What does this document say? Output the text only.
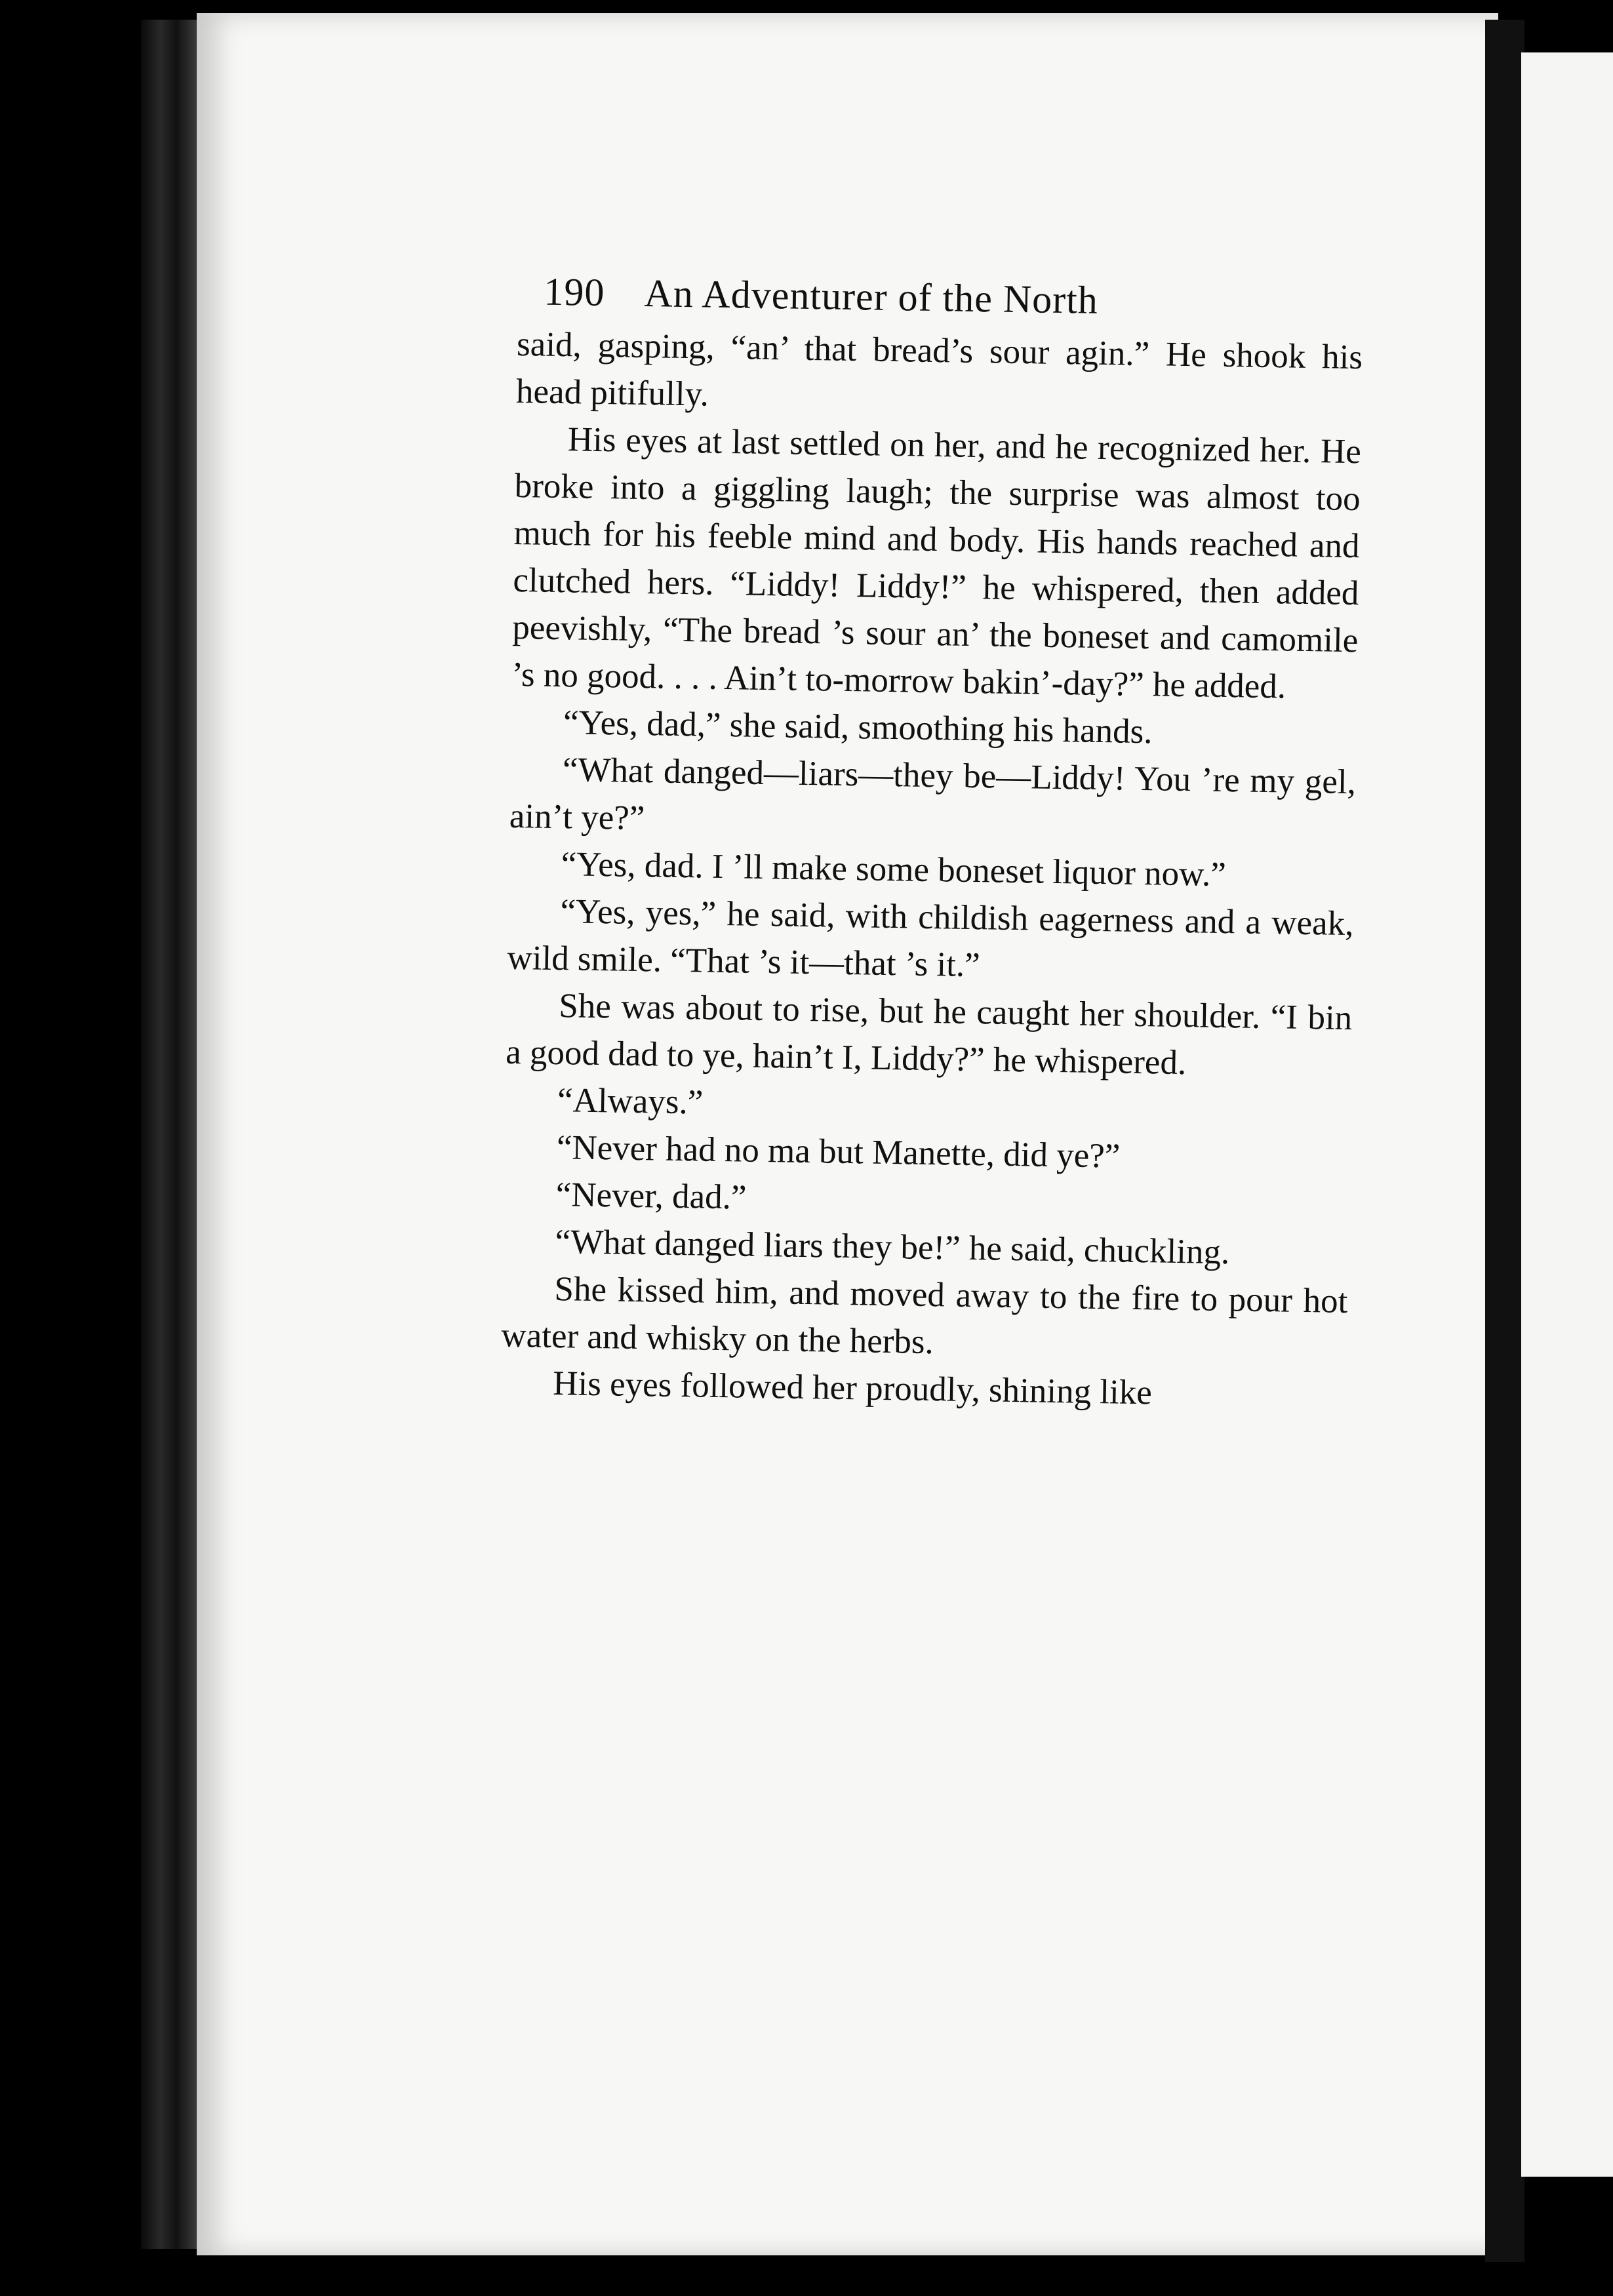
190 An Adventurer of the North

said, gasping, “an’ that bread’s sour agin.” He shook his head pitifully.

His eyes at last settled on her, and he recognized her. He broke into a giggling laugh; the surprise was almost too much for his feeble mind and body. His hands reached and clutched hers. “Liddy! Liddy!” he whispered, then added peevishly, “The bread ’s sour an’ the boneset and camomile ’s no good. . . . Ain’t to-morrow bakin’-day?” he added.

“Yes, dad,” she said, smoothing his hands.

“What danged—liars—they be—Liddy! You ’re my gel, ain’t ye?”

“Yes, dad. I ’ll make some boneset liquor now.”

“Yes, yes,” he said, with childish eagerness and a weak, wild smile. “That ’s it—that ’s it.”

She was about to rise, but he caught her shoulder. “I bin a good dad to ye, hain’t I, Liddy?” he whispered.

“Always.”

“Never had no ma but Manette, did ye?”

“Never, dad.”

“What danged liars they be!” he said, chuckling.

She kissed him, and moved away to the fire to pour hot water and whisky on the herbs.

His eyes followed her proudly, shining like
